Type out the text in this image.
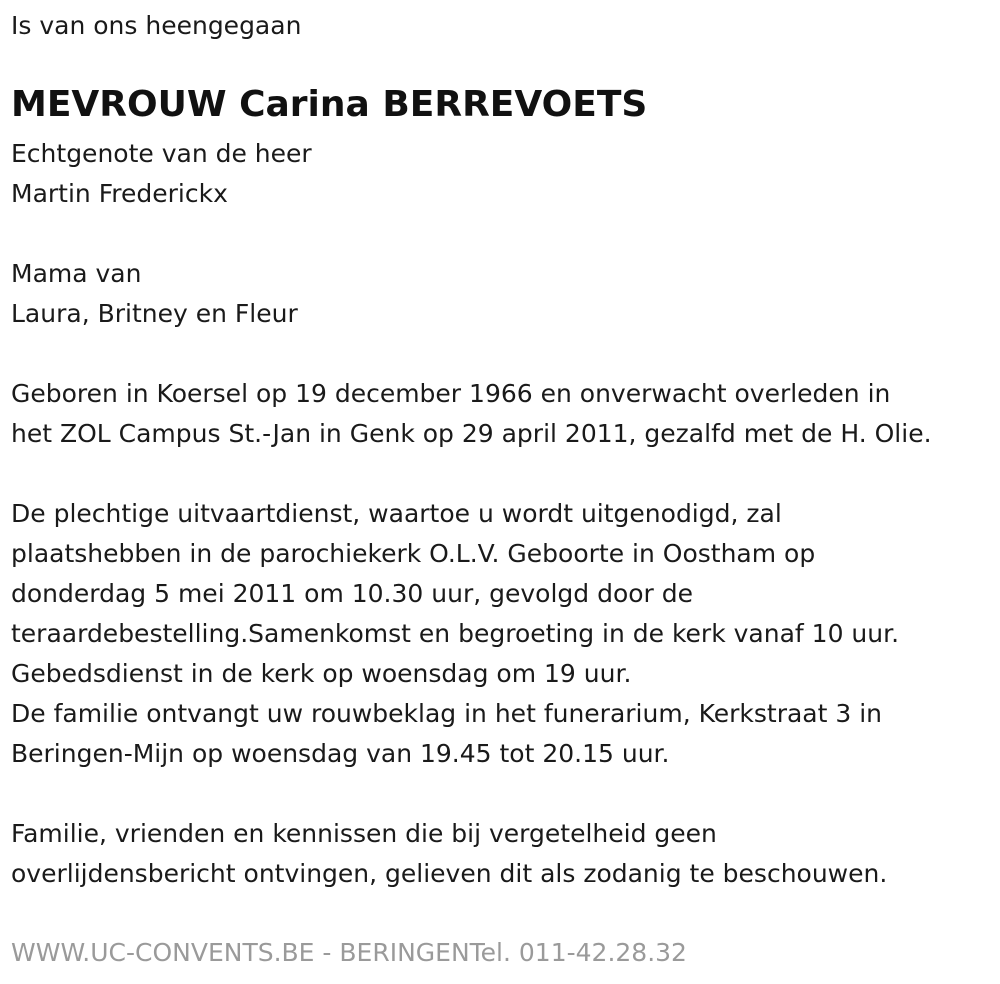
Is van ons heengegaan

MEVROUW Carina BERREVOETS

Echtgenote van de heer

Martin Frederickx

Mama van

Laura, Britney en Fleur

Geboren in Koersel op 19 december 1966 en onverwacht overleden in

het ZOL Campus St.-Jan in Genk op 29 april 2011, gezalfd met de H. Olie.

De plechtige uitvaartdienst, waartoe u wordt uitgenodigd, zal

plaatshebben in de parochiekerk O.L.V. Geboorte in Oostham op

donderdag 5 mei 2011 om 10.30 uur, gevolgd door de

teraardebestelling.Samenkomst en begroeting in de kerk vanaf 10 uur.

Gebedsdienst in de kerk op woensdag om 19 uur.

De familie ontvangt uw rouwbeklag in het funerarium, Kerkstraat 3 in

Beringen-Mijn op woensdag van 19.45 tot 20.15 uur.

Familie, vrienden en kennissen die bij vergetelheid geen

overlijdensbericht ontvingen, gelieven dit als zodanig te beschouwen.

WWW.UC-CONVENTS.BE - BERINGENTel. 011-42.28.32
